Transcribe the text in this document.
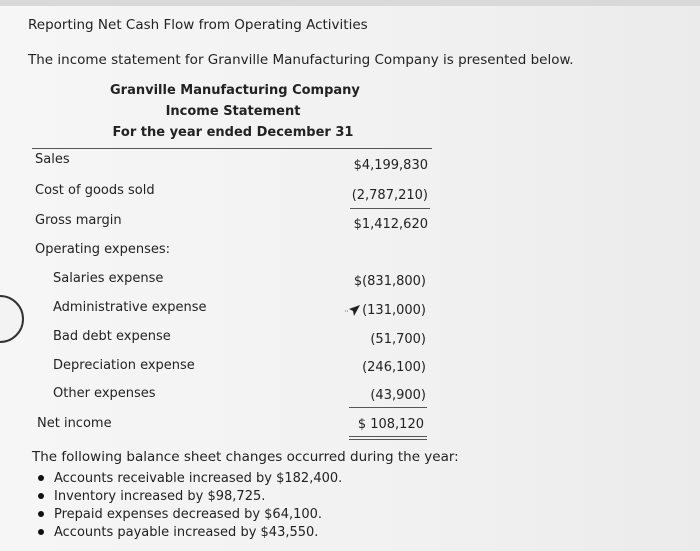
Reporting Net Cash Flow from Operating Activities
The income statement for Granville Manufacturing Company is presented below.
Granville Manufacturing Company
Income Statement
For the year ended December 31
Sales	$4,199,830
Cost of goods sold	(2,787,210)
Gross margin	$1,412,620
Operating expenses:
Salaries expense	$(831,800)
Administrative expense	(131,000)
Bad debt expense	(51,700)
Depreciation expense	(246,100)
Other expenses	(43,900)
Net income	$ 108,120
The following balance sheet changes occurred during the year:
Accounts receivable increased by $182,400.
Inventory increased by $98,725.
Prepaid expenses decreased by $64,100.
Accounts payable increased by $43,550.
